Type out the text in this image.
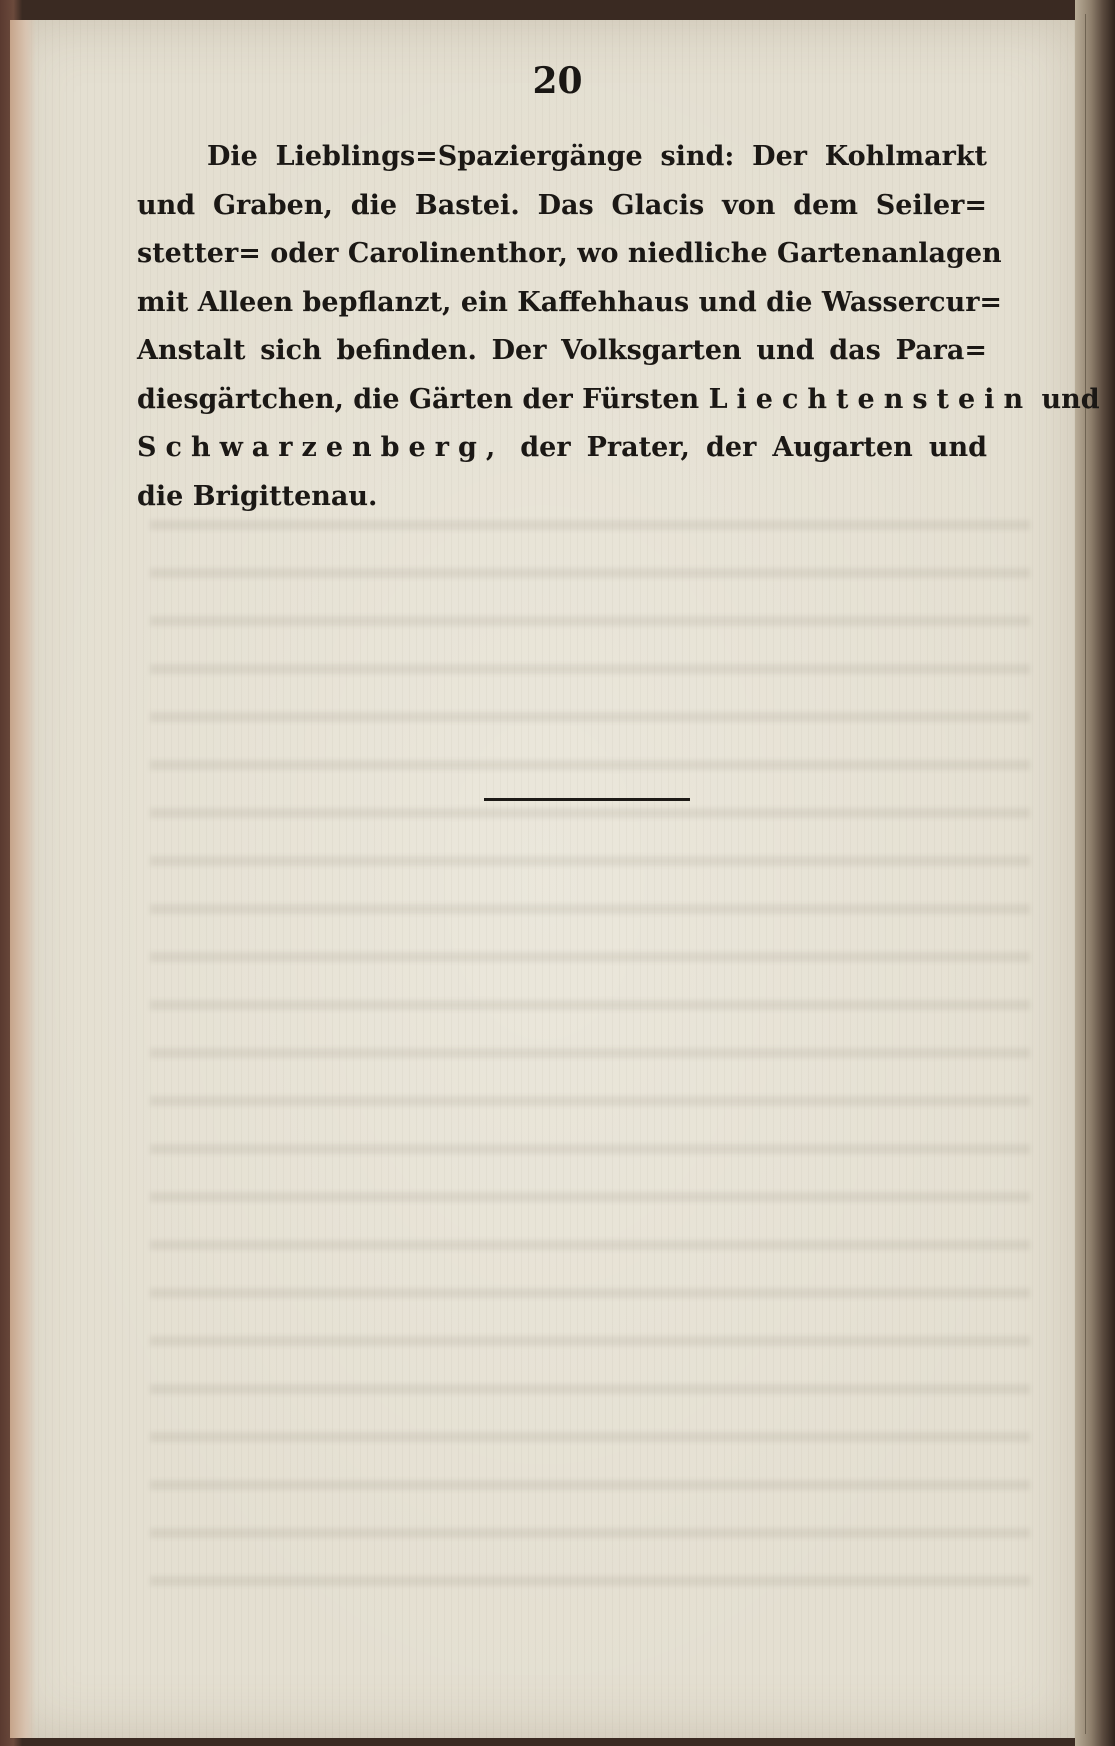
20
Die Lieblings=Spaziergänge sind: Der Kohlmarkt
und Graben, die Bastei. Das Glacis von dem Seiler=
stetter= oder Carolinenthor, wo niedliche Gartenanlagen
mit Alleen bepflanzt, ein Kaffehhaus und die Wassercur=
Anstalt sich befinden. Der Volksgarten und das Para=
diesgärtchen, die Gärten der Fürsten Liechtenstein und
Schwarzenberg, der Prater, der Augarten und
die Brigittenau.
